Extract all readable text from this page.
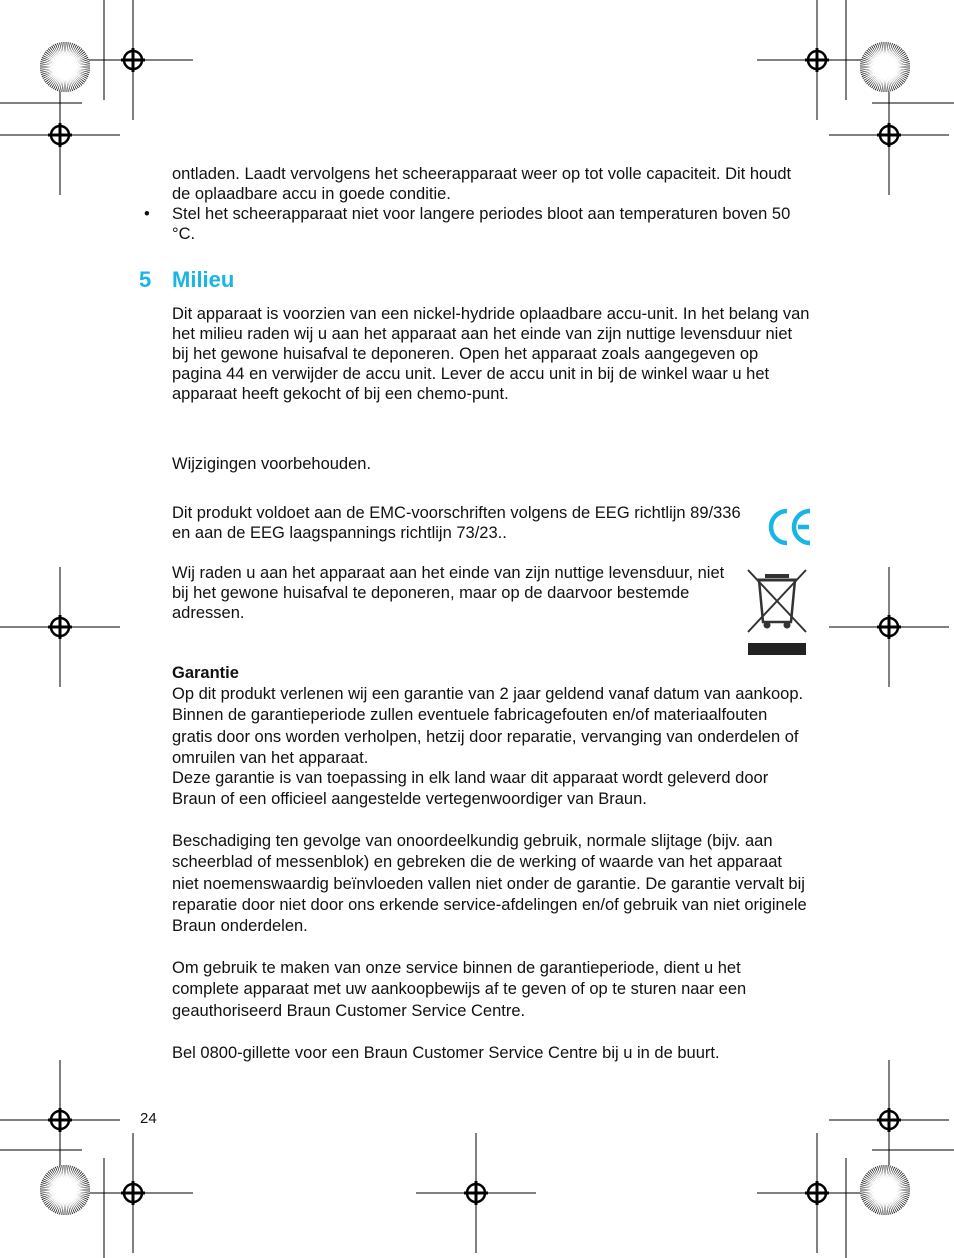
ontladen. Laadt vervolgens het scheerapparaat weer op tot volle capaciteit. Dit houdt de oplaadbare accu in goede conditie.

• Stel het scheerapparaat niet voor langere periodes bloot aan temperaturen boven 50 °C.

5 Milieu

Dit apparaat is voorzien van een nickel-hydride oplaadbare accu-unit. In het belang van het milieu raden wij u aan het apparaat aan het einde van zijn nuttige levensduur niet bij het gewone huisafval te deponeren. Open het apparaat zoals aangegeven op pagina 44 en verwijder de accu unit. Lever de accu unit in bij de winkel waar u het apparaat heeft gekocht of bij een chemo-punt.

Wijzigingen voorbehouden.

Dit produkt voldoet aan de EMC-voorschriften volgens de EEG richtlijn 89/336 en aan de EEG laagspannings richtlijn 73/23..

Wij raden u aan het apparaat aan het einde van zijn nuttige levensduur, niet bij het gewone huisafval te deponeren, maar op de daarvoor bestemde adressen.

Garantie

Op dit produkt verlenen wij een garantie van 2 jaar geldend vanaf datum van aankoop. Binnen de garantieperiode zullen eventuele fabricagefouten en/of materiaalfouten gratis door ons worden verholpen, hetzij door reparatie, vervanging van onderdelen of omruilen van het apparaat.

Deze garantie is van toepassing in elk land waar dit apparaat wordt geleverd door Braun of een officieel aangestelde vertegenwoordiger van Braun.

Beschadiging ten gevolge van onoordeelkundig gebruik, normale slijtage (bijv. aan scheerblad of messenblok) en gebreken die de werking of waarde van het apparaat niet noemenswaardig beïnvloeden vallen niet onder de garantie. De garantie vervalt bij reparatie door niet door ons erkende service-afdelingen en/of gebruik van niet originele Braun onderdelen.

Om gebruik te maken van onze service binnen de garantieperiode, dient u het complete apparaat met uw aankoopbewijs af te geven of op te sturen naar een geauthoriseerd Braun Customer Service Centre.

Bel 0800-gillette voor een Braun Customer Service Centre bij u in de buurt.

24
